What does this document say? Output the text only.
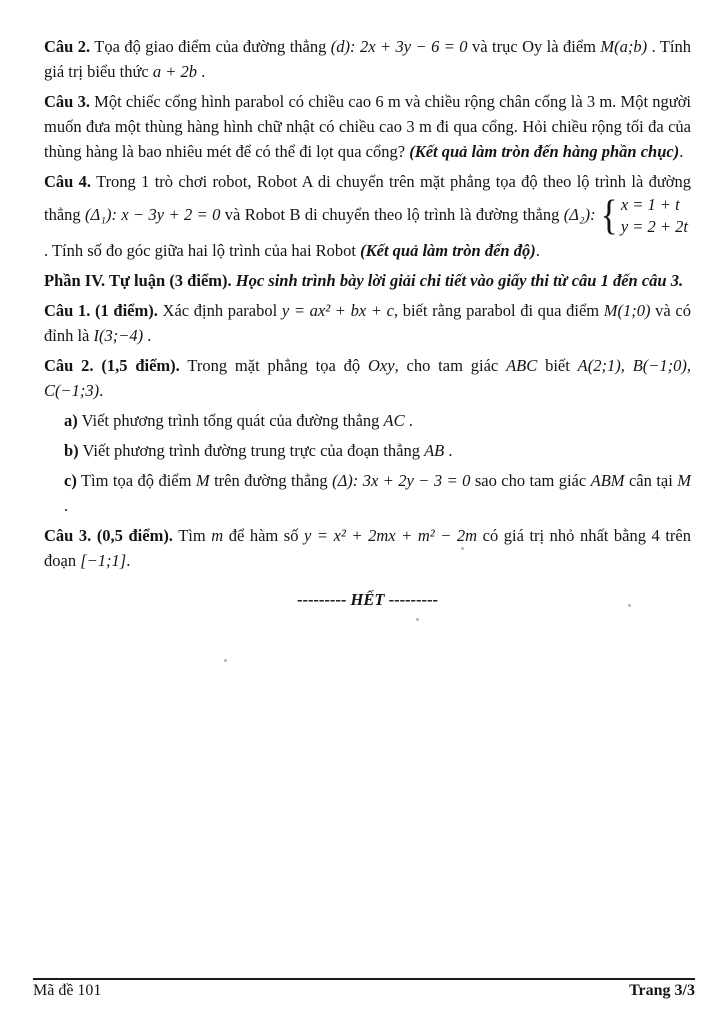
Câu 2. Tọa độ giao điểm của đường thẳng (d): 2x + 3y − 6 = 0 và trục Oy là điểm M(a;b) . Tính giá trị biểu thức a + 2b .

Câu 3. Một chiếc cổng hình parabol có chiều cao 6 m và chiều rộng chân cổng là 3 m. Một người muốn đưa một thùng hàng hình chữ nhật có chiều cao 3 m đi qua cổng. Hỏi chiều rộng tối đa của thùng hàng là bao nhiêu mét để có thể đi lọt qua cổng? (Kết quả làm tròn đến hàng phần chục).

Câu 4. Trong 1 trò chơi robot, Robot A di chuyển trên mặt phẳng tọa độ theo lộ trình là đường thẳng (Δ₁): x − 3y + 2 = 0 và Robot B di chuyển theo lộ trình là đường thẳng (Δ₂): { x = 1 + t
y = 2 + 2t
. Tính số đo góc giữa hai lộ trình của hai Robot (Kết quả làm tròn đến độ).

Phần IV. Tự luận (3 điểm). Học sinh trình bày lời giải chi tiết vào giấy thi từ câu 1 đến câu 3.

Câu 1. (1 điểm). Xác định parabol y = ax² + bx + c, biết rằng parabol đi qua điểm M(1;0) và có đỉnh là I(3;−4) .

Câu 2. (1,5 điểm). Trong mặt phẳng tọa độ Oxy, cho tam giác ABC biết A(2;1), B(−1;0), C(−1;3).

a) Viết phương trình tổng quát của đường thẳng AC .

b) Viết phương trình đường trung trực của đoạn thẳng AB .

c) Tìm tọa độ điểm M trên đường thẳng (Δ): 3x + 2y − 3 = 0 sao cho tam giác ABM cân tại M .

Câu 3. (0,5 điểm). Tìm m để hàm số y = x² + 2mx + m² − 2m có giá trị nhỏ nhất bằng 4 trên đoạn [−1;1].

--------- HẾT ---------

Mã đề 101	Trang 3/3
